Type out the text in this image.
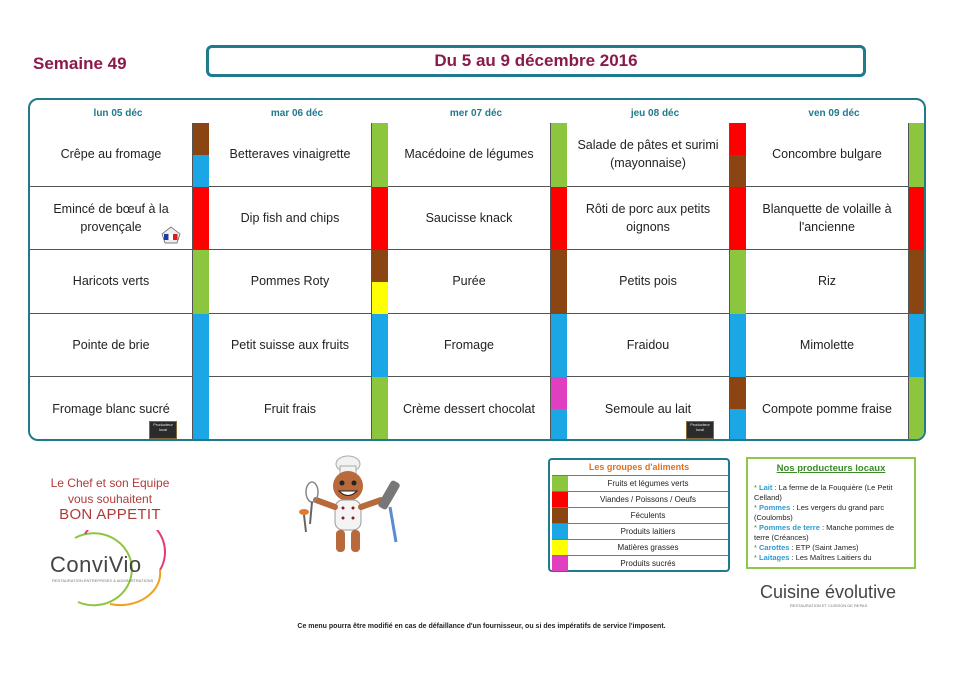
Semaine 49	Du 5 au 9 décembre 2016
lun 05 déc
Crêpe au fromage
Emincé de bœuf à la provençale
Haricots verts
Pointe de brie
Fromage blanc sucré
Producteur local
mar 06 déc
Betteraves vinaigrette
Dip fish and chips
Pommes Roty
Petit suisse aux fruits
Fruit frais
mer 07 déc
Macédoine de légumes
Saucisse knack
Purée
Fromage
Crème dessert chocolat
jeu 08 déc
Salade de pâtes et surimi (mayonnaise)
Rôti de porc aux petits oignons
Petits pois
Fraidou
Semoule au lait
Producteur local
ven 09 déc
Concombre bulgare
Blanquette de volaille à l'ancienne
Riz
Mimolette
Compote pomme fraise
Le Chef et son Equipe
vous souhaitent
BON APPETIT
ConviVio
RESTAURATION ENTREPRISES & ADMINISTRATIONS
Les groupes d'aliments
Fruits et légumes verts
Viandes / Poissons / Oeufs
Féculents
Produits laitiers
Matières grasses
Produits sucrés
Nos producteurs locaux
* Lait : La ferme de la Fouquière (Le Petit Celland)
* Pommes : Les vergers du grand parc (Coulombs)
* Pommes de terre : Manche pommes de terre (Créances)
* Carottes : ETP (Saint James)
* Laitages : Les Maîtres Laitiers du
Cuisine évolutive
RESTAURATION ET CUISSON DE REPAS
Ce menu pourra être modifié en cas de défaillance d'un fournisseur, ou si des impératifs de service l'imposent.
